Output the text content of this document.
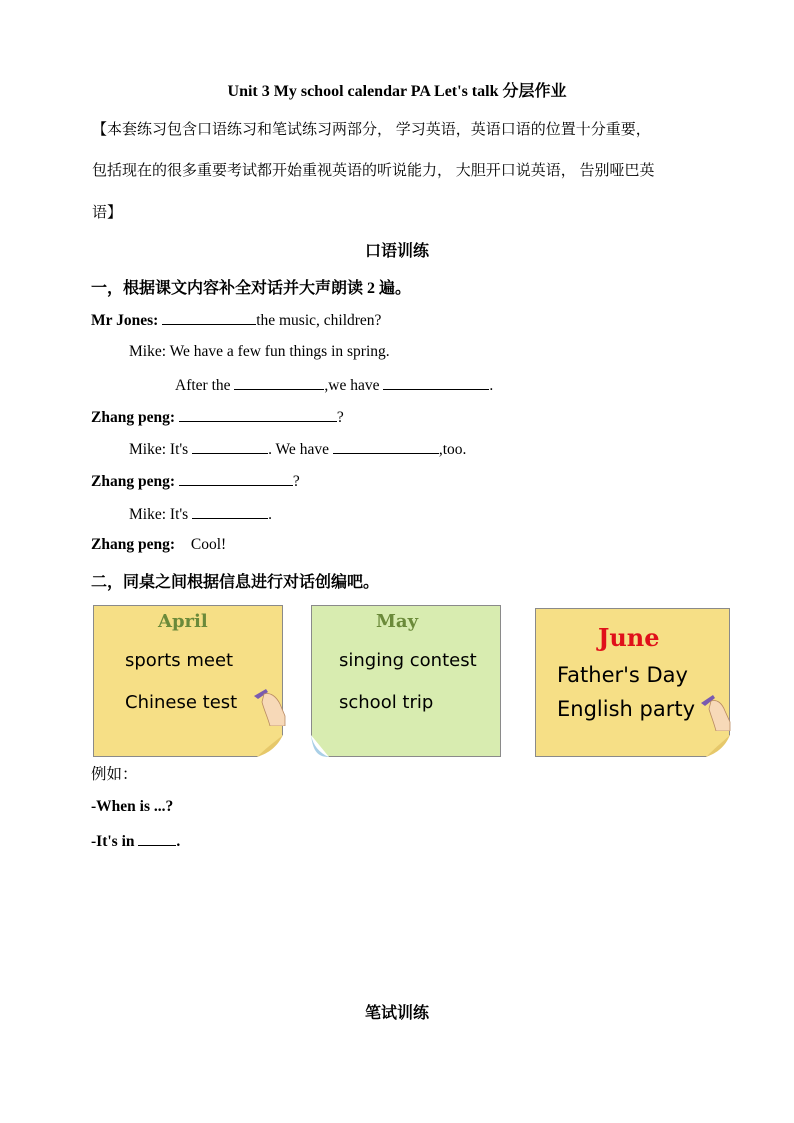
Unit 3 My school calendar PA Let's talk 分层作业
【本套练习包含口语练习和笔试练习两部分， 学习英语，英语口语的位置十分重要，
包括现在的很多重要考试都开始重视英语的听说能力， 大胆开口说英语， 告别哑巴英
语】
口语训练
一，根据课文内容补全对话并大声朗读 2 遍。
Mr Jones:	the music, children?
Mike: We have a few fun things in spring.
After the	,we have	.
Zhang peng:	?
Mike: It's	. We have	,too.
Zhang peng:	?
Mike: It's	.
Zhang peng: Cool!
二，同桌之间根据信息进行对话创编吧。
April
sports meet
Chinese test
May
singing contest
school trip
June
Father's Day
English party
例如：
-When is ...?
-It's in	.
笔试训练
